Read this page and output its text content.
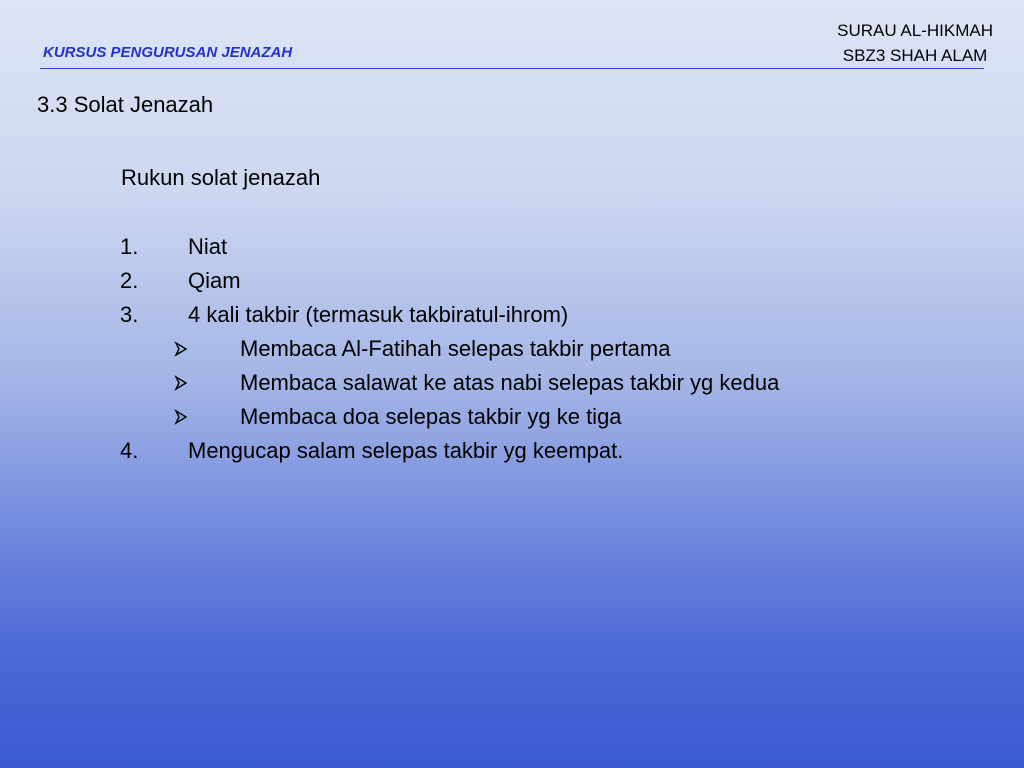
KURSUS PENGURUSAN JENAZAH
SURAU AL-HIKMAH
SBZ3 SHAH ALAM
3.3 Solat Jenazah
Rukun solat jenazah
1. Niat
2. Qiam
3. 4 kali takbir (termasuk takbiratul-ihrom)
Membaca Al-Fatihah selepas takbir pertama
Membaca salawat ke atas nabi selepas takbir yg kedua
Membaca doa selepas takbir yg ke tiga
4. Mengucap salam selepas takbir yg keempat.
